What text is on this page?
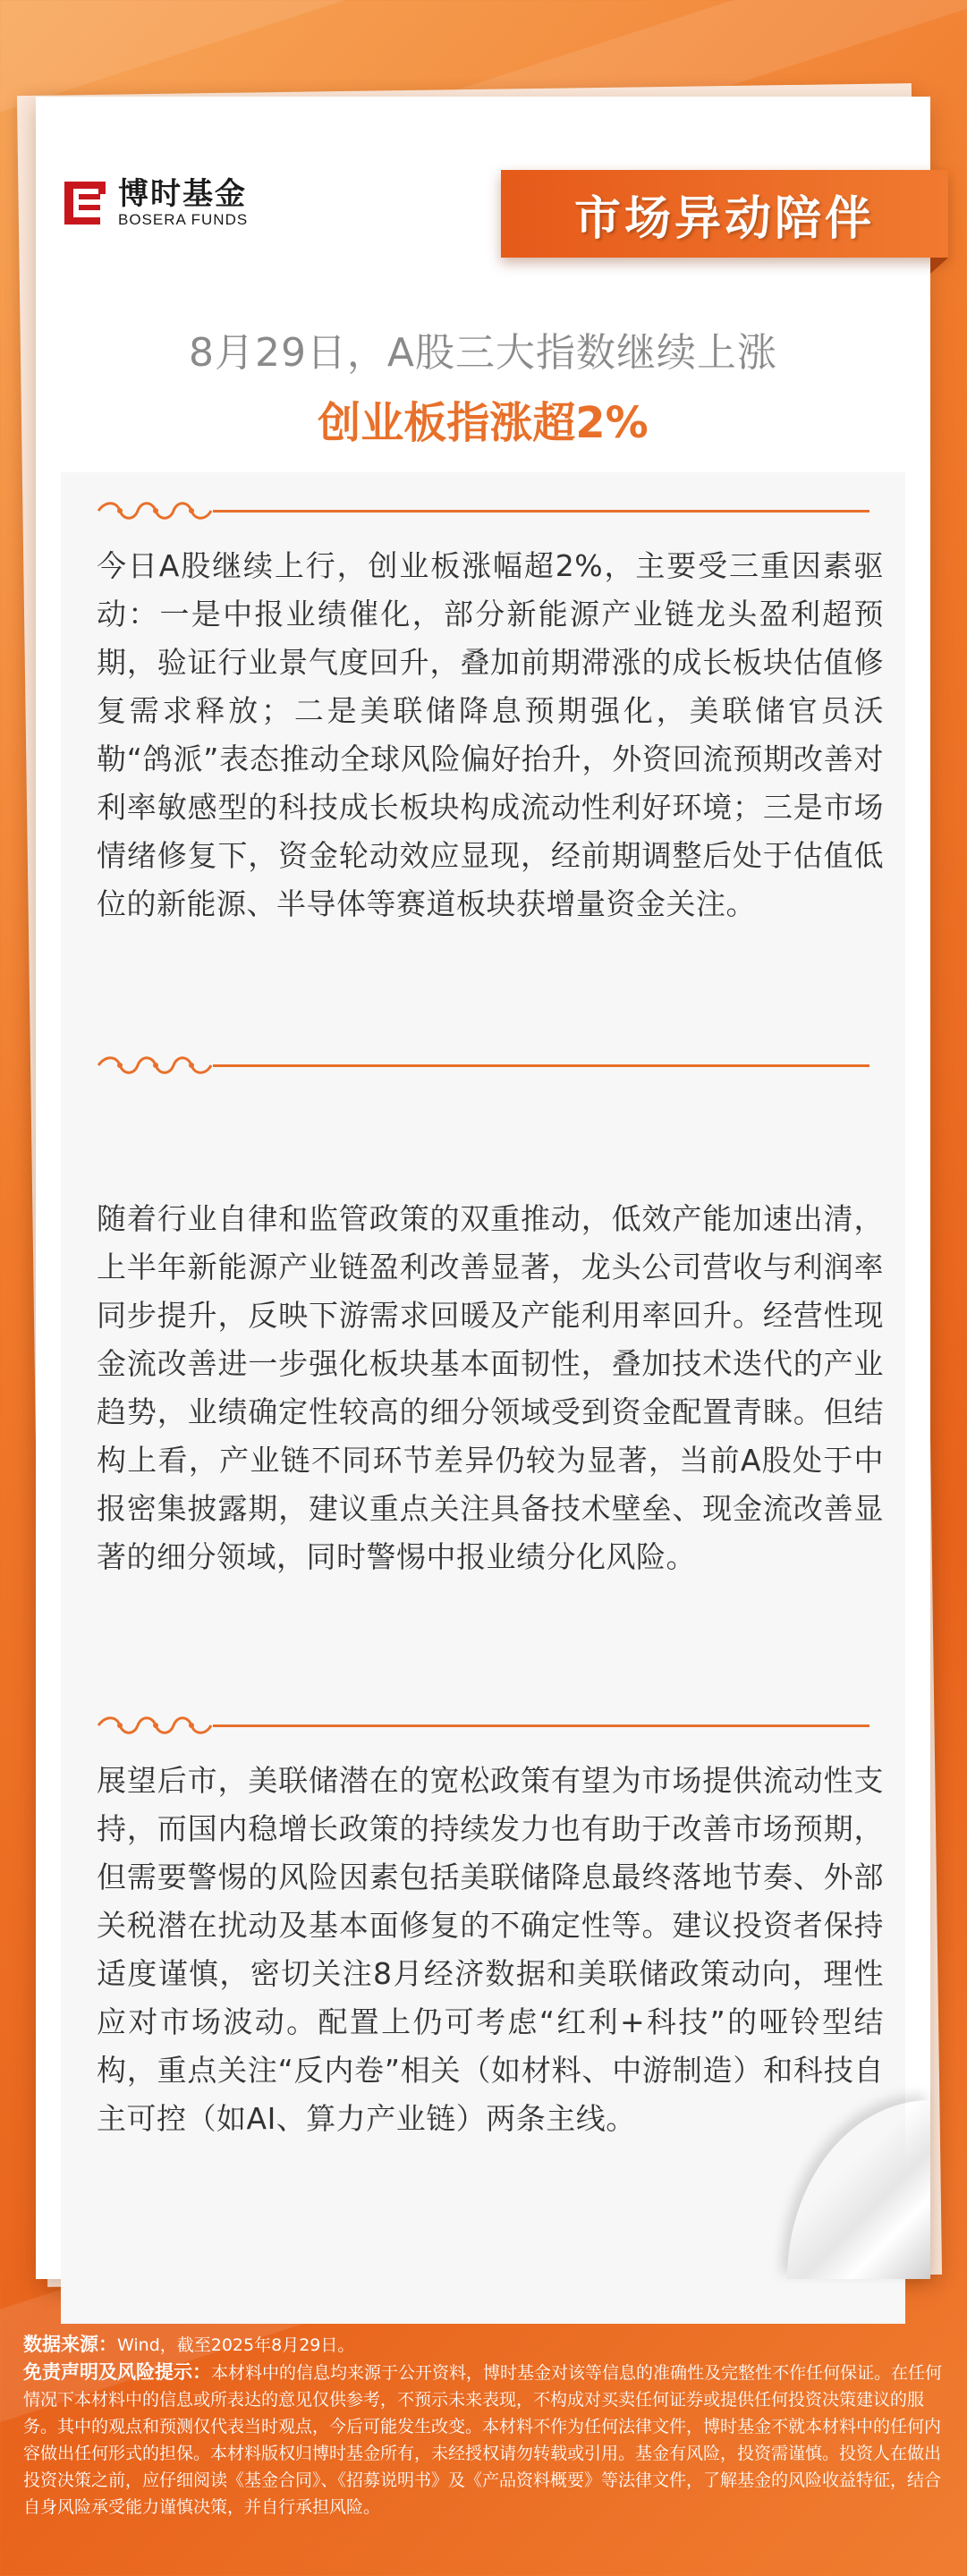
博时基金
BOSERA FUNDS	市场异动陪伴
8月29日，A股三大指数继续上涨
创业板指涨超2%
今日A股继续上行，创业板涨幅超2%，主要受三重因素驱动：一是中报业绩催化，部分新能源产业链龙头盈利超预期，验证行业景气度回升，叠加前期滞涨的成长板块估值修复需求释放；二是美联储降息预期强化，美联储官员沃勒“鸽派”表态推动全球风险偏好抬升，外资回流预期改善对利率敏感型的科技成长板块构成流动性利好环境；三是市场情绪修复下，资金轮动效应显现，经前期调整后处于估值低位的新能源、半导体等赛道板块获增量资金关注。
随着行业自律和监管政策的双重推动，低效产能加速出清，上半年新能源产业链盈利改善显著，龙头公司营收与利润率同步提升，反映下游需求回暖及产能利用率回升。经营性现金流改善进一步强化板块基本面韧性，叠加技术迭代的产业趋势，业绩确定性较高的细分领域受到资金配置青睐。但结构上看，产业链不同环节差异仍较为显著，当前A股处于中报密集披露期，建议重点关注具备技术壁垒、现金流改善显著的细分领域，同时警惕中报业绩分化风险。
展望后市，美联储潜在的宽松政策有望为市场提供流动性支持，而国内稳增长政策的持续发力也有助于改善市场预期，但需要警惕的风险因素包括美联储降息最终落地节奏、外部关税潜在扰动及基本面修复的不确定性等。建议投资者保持适度谨慎，密切关注8月经济数据和美联储政策动向，理性应对市场波动。配置上仍可考虑“红利+科技”的哑铃型结构，重点关注“反内卷”相关（如材料、中游制造）和科技自主可控（如AI、算力产业链）两条主线。
数据来源：Wind，截至2025年8月29日。
免责声明及风险提示：本材料中的信息均来源于公开资料，博时基金对该等信息的准确性及完整性不作任何保证。在任何情况下本材料中的信息或所表达的意见仅供参考，不预示未来表现，不构成对买卖任何证券或提供任何投资决策建议的服务。其中的观点和预测仅代表当时观点，今后可能发生改变。本材料不作为任何法律文件，博时基金不就本材料中的任何内容做出任何形式的担保。本材料版权归博时基金所有，未经授权请勿转载或引用。基金有风险，投资需谨慎。投资人在做出投资决策之前，应仔细阅读《基金合同》、《招募说明书》及《产品资料概要》等法律文件，了解基金的风险收益特征，结合自身风险承受能力谨慎决策，并自行承担风险。
